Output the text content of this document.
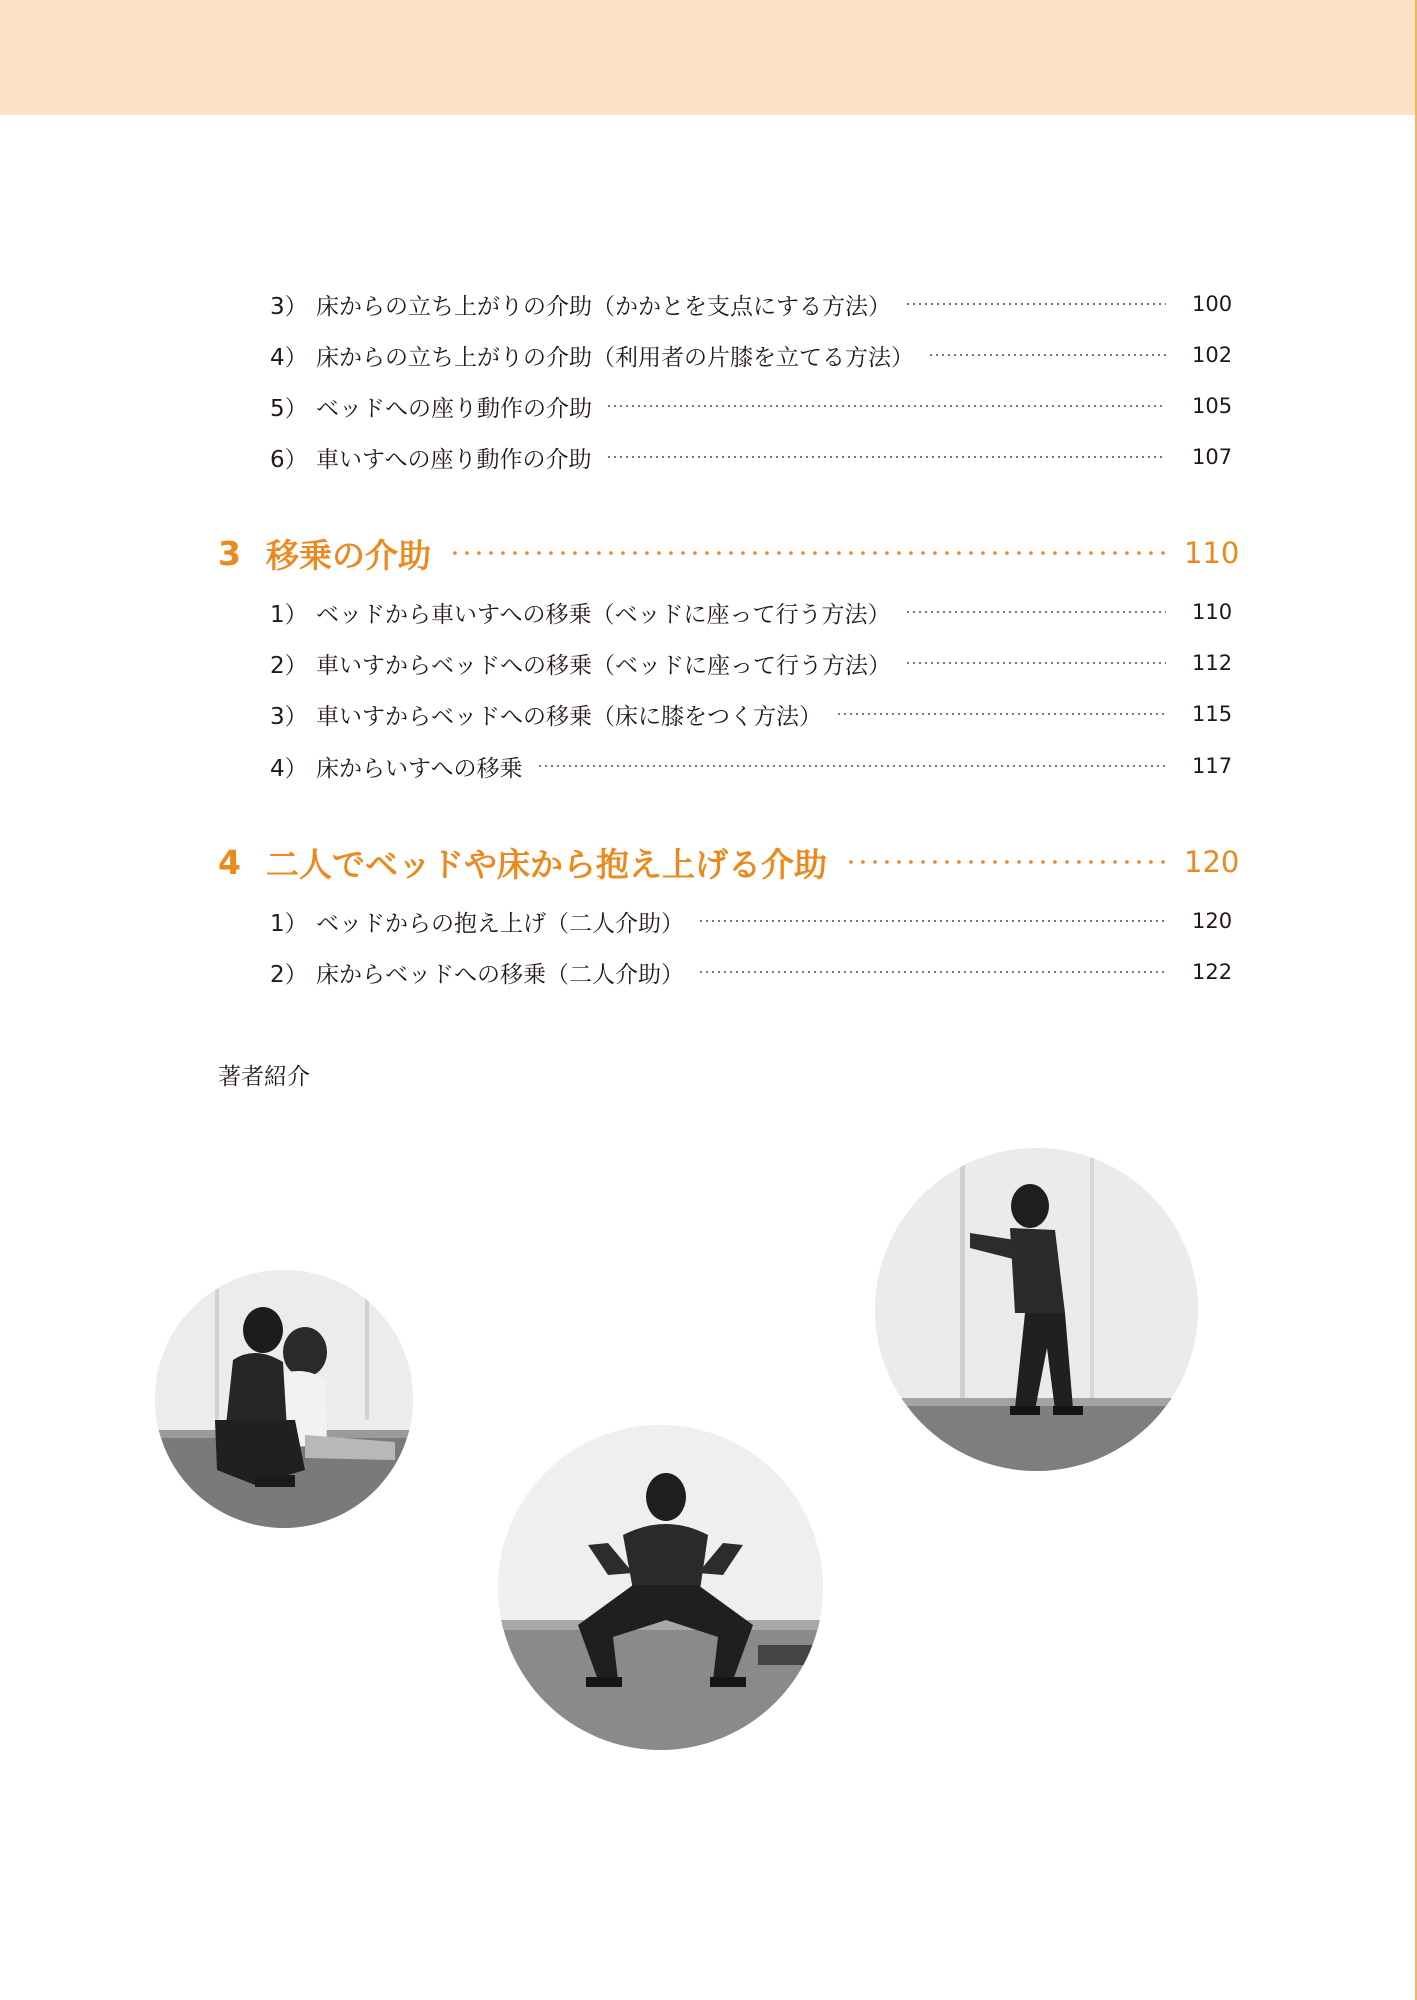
3） 床からの立ち上がりの介助（かかとを支点にする方法）	100
4） 床からの立ち上がりの介助（利用者の片膝を立てる方法）	102
5） ベッドへの座り動作の介助	105
6） 車いすへの座り動作の介助	107
3 移乗の介助	110
1） ベッドから車いすへの移乗（ベッドに座って行う方法）	110
2） 車いすからベッドへの移乗（ベッドに座って行う方法）	112
3） 車いすからベッドへの移乗（床に膝をつく方法）	115
4） 床からいすへの移乗	117
4 二人でベッドや床から抱え上げる介助	120
1） ベッドからの抱え上げ（二人介助）	120
2） 床からベッドへの移乗（二人介助）	122
著者紹介
